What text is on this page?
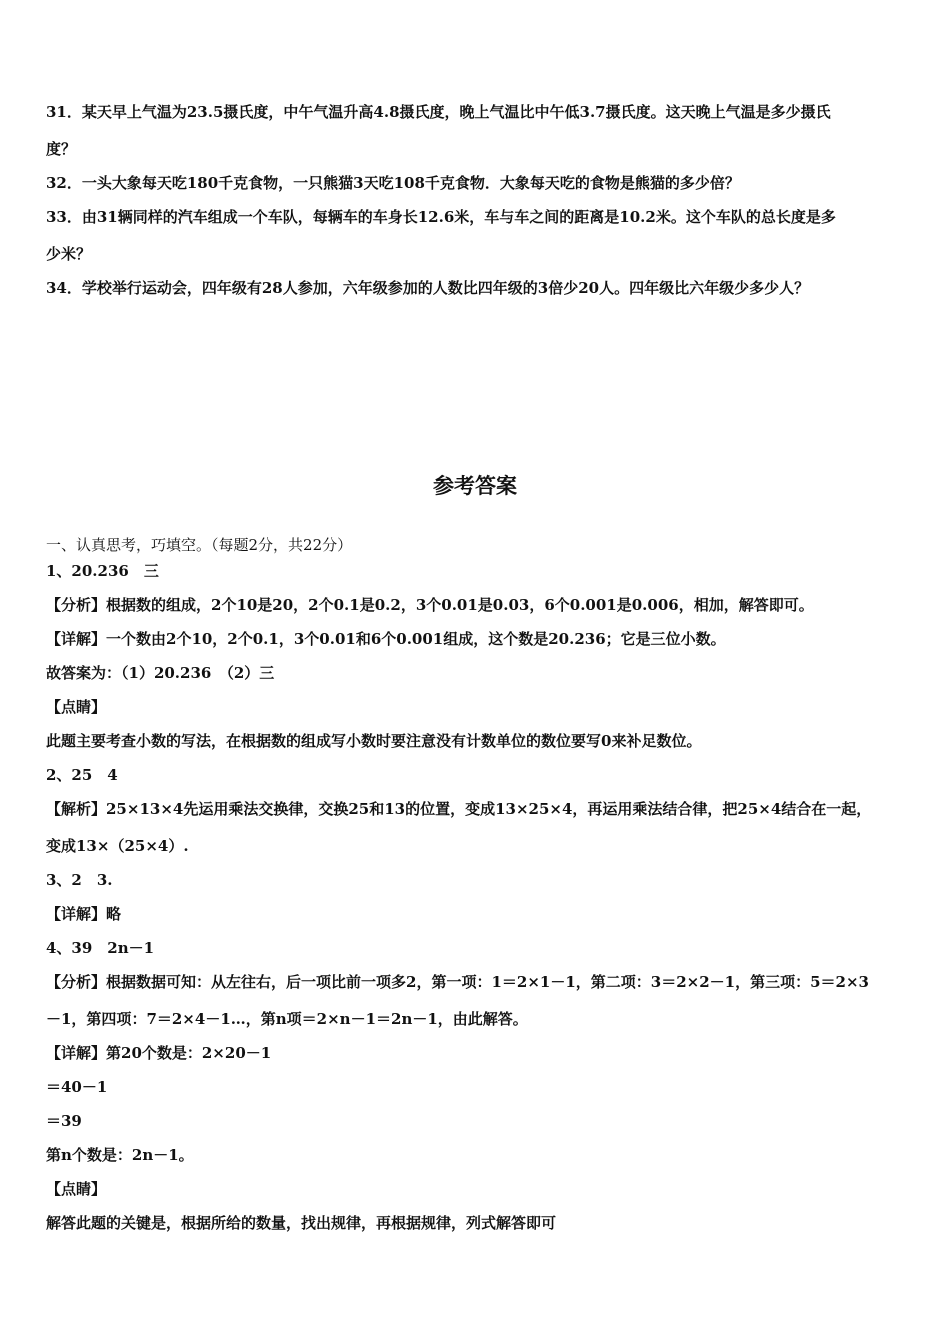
31．某天早上气温为23.5摄氏度，中午气温升高4.8摄氏度，晚上气温比中午低3.7摄氏度。这天晚上气温是多少摄氏
度？
32．一头大象每天吃180千克食物，一只熊猫3天吃108千克食物．大象每天吃的食物是熊猫的多少倍？
33．由31辆同样的汽车组成一个车队，每辆车的车身长12.6米，车与车之间的距离是10.2米。这个车队的总长度是多
少米？
34．学校举行运动会，四年级有28人参加，六年级参加的人数比四年级的3倍少20人。四年级比六年级少多少人？
参考答案
一、认真思考，巧填空。（每题2分，共22分）
1、20.236　三
【分析】根据数的组成，2个10是20，2个0.1是0.2，3个0.01是0.03，6个0.001是0.006，相加，解答即可。
【详解】一个数由2个10，2个0.1，3个0.01和6个0.001组成，这个数是20.236；它是三位小数。
故答案为：（1）20.236　（2）三
【点睛】
此题主要考查小数的写法，在根据数的组成写小数时要注意没有计数单位的数位要写0来补足数位。
2、25　4
【解析】25×13×4先运用乘法交换律，交换25和13的位置，变成13×25×4，再运用乘法结合律，把25×4结合在一起，
变成13×（25×4）.
3、2　3.
【详解】略
4、39　2n－1
【分析】根据数据可知：从左往右，后一项比前一项多2，第一项：1＝2×1－1，第二项：3＝2×2－1，第三项：5＝2×3
－1，第四项：7＝2×4－1…，第n项＝2×n－1＝2n－1，由此解答。
【详解】第20个数是：2×20－1
＝40－1
＝39
第n个数是：2n－1。
【点睛】
解答此题的关键是，根据所给的数量，找出规律，再根据规律，列式解答即可
